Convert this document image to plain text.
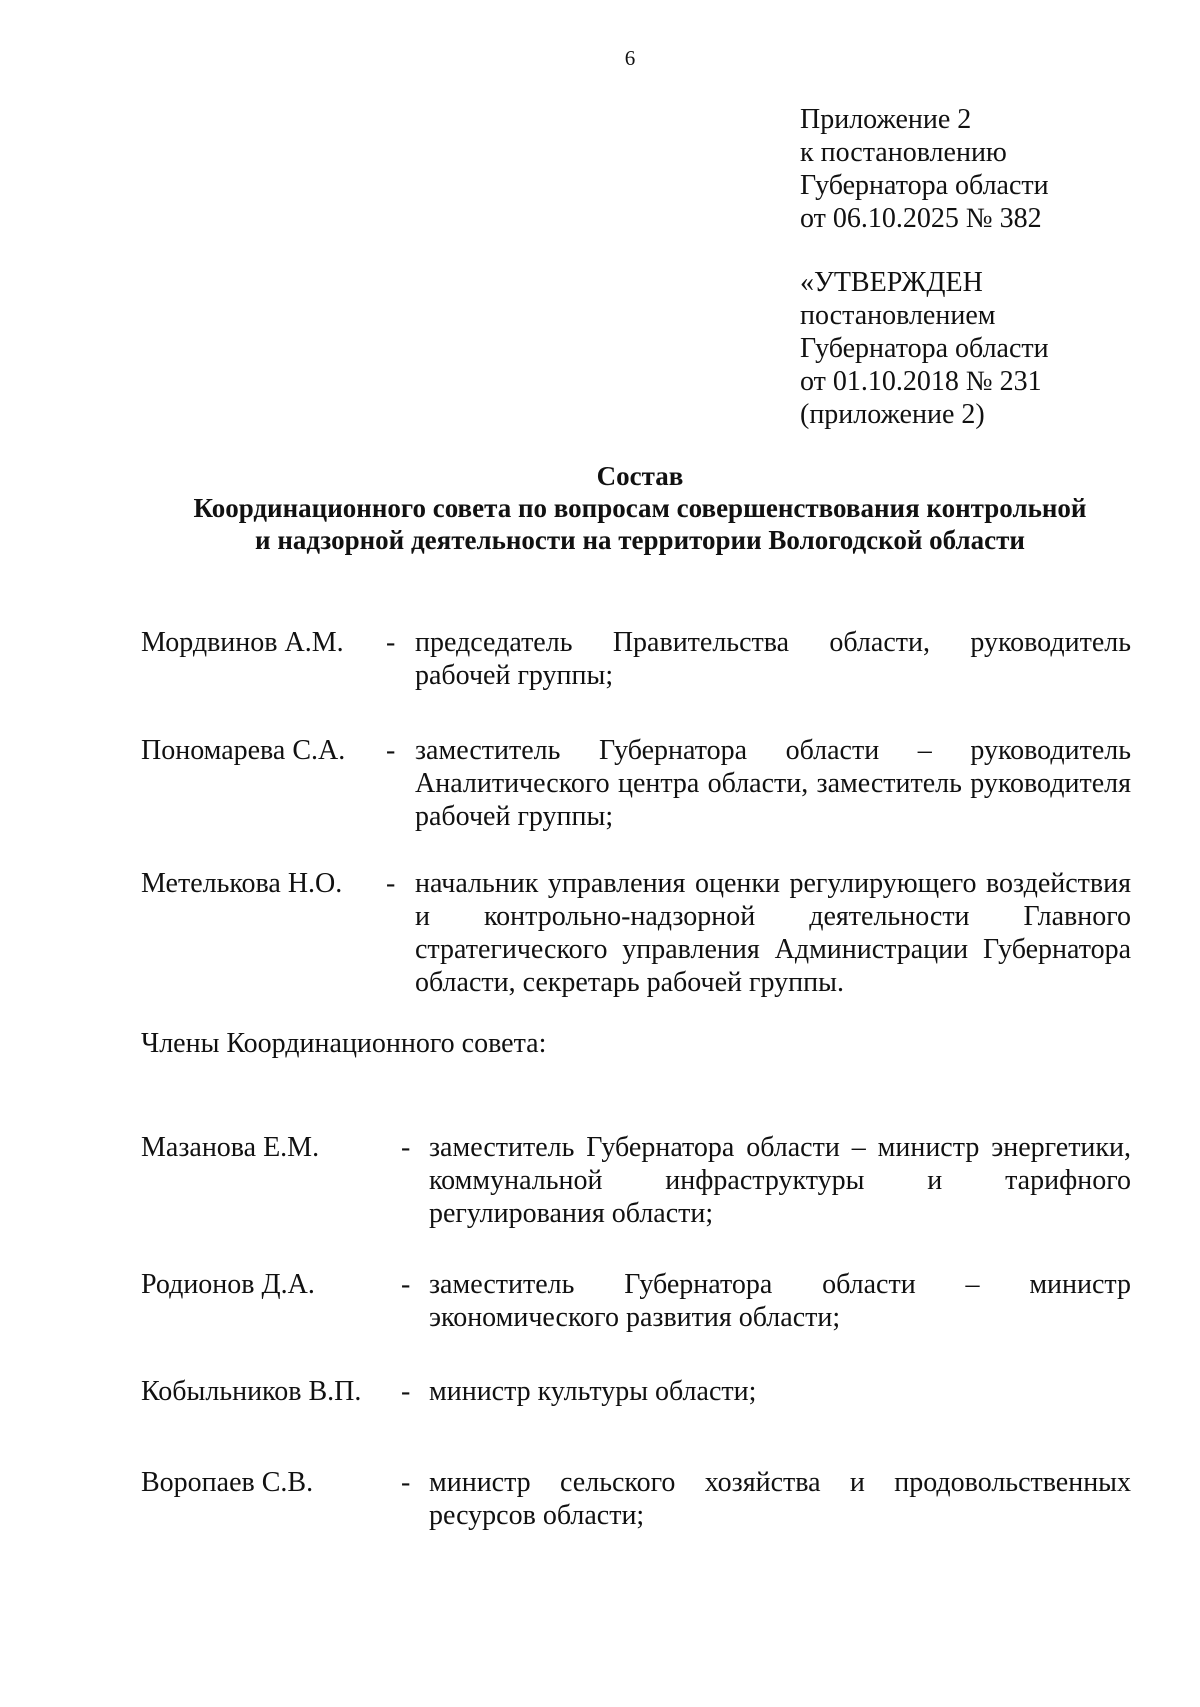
6
Приложение 2
к постановлению
Губернатора области
от 06.10.2025 № 382
«УТВЕРЖДЕН
постановлением
Губернатора области
от 01.10.2018 № 231
(приложение 2)
Состав
Координационного совета по вопросам совершенствования контрольной
и надзорной деятельности на территории Вологодской области
Мордвинов А.М. - председатель Правительства области, руководитель рабочей группы;
Пономарева С.А. - заместитель Губернатора области – руководитель Аналитического центра области, заместитель руководителя рабочей группы;
Метелькова Н.О. - начальник управления оценки регулирующего воздействия и контрольно-надзорной деятельности Главного стратегического управления Администрации Губернатора области, секретарь рабочей группы.
Члены Координационного совета:
Мазанова Е.М.	- заместитель Губернатора области – министр энергетики, коммунальной инфраструктуры и тарифного регулирования области;
Родионов Д.А.	- заместитель Губернатора области – министр экономического развития области;
Кобыльников В.П. - министр культуры области;
Воропаев С.В.	- министр сельского хозяйства и продовольственных ресурсов области;
